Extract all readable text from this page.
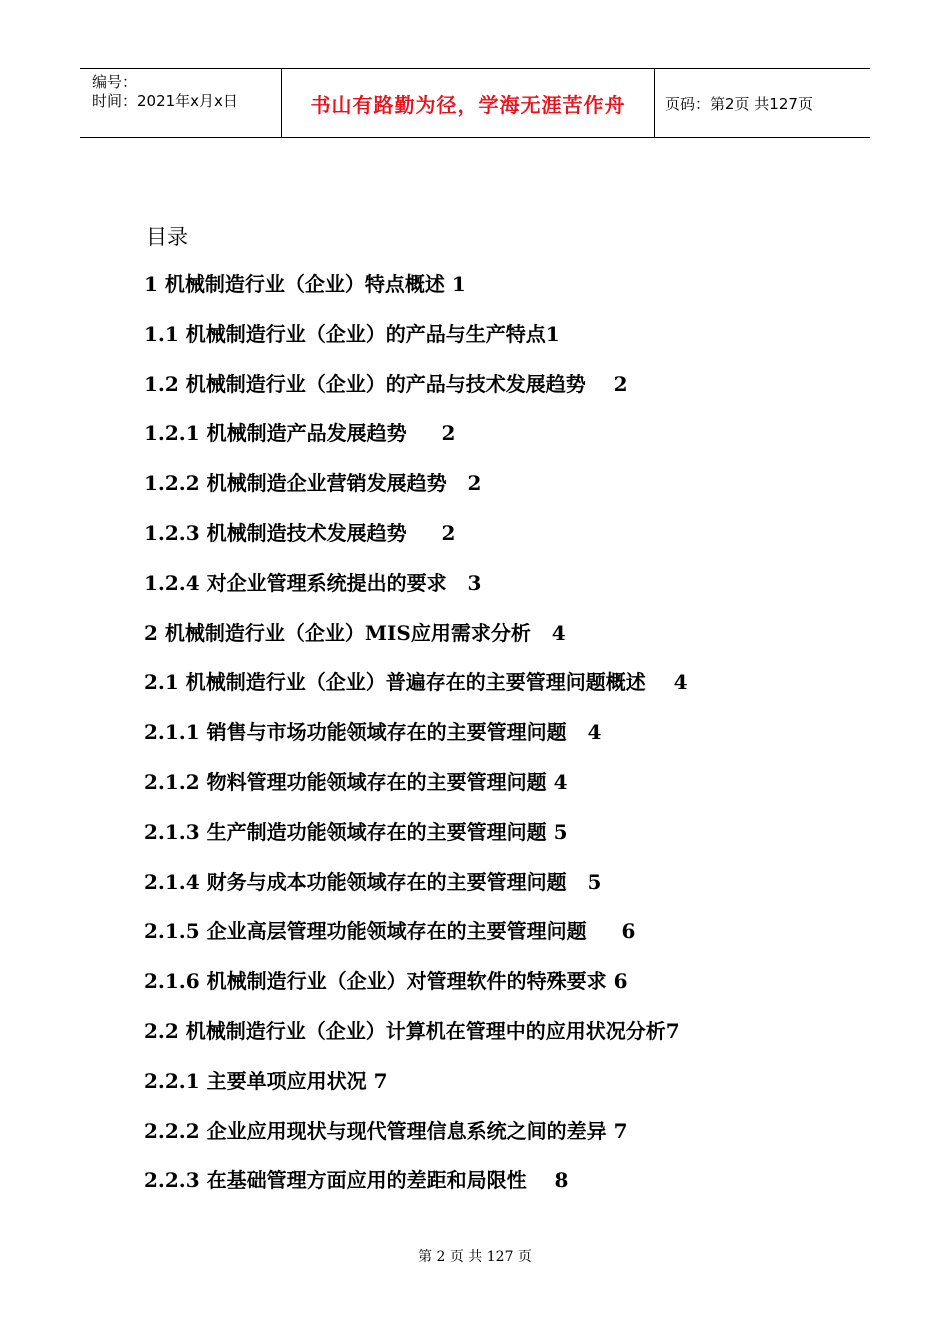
编号：
时间：2021年x月x日	书山有路勤为径，学海无涯苦作舟	页码：第2页 共127页
目录
1 机械制造行业（企业）特点概述 1
1.1 机械制造行业（企业）的产品与生产特点1
1.2 机械制造行业（企业）的产品与技术发展趋势    2
1.2.1 机械制造产品发展趋势     2
1.2.2 机械制造企业营销发展趋势   2
1.2.3 机械制造技术发展趋势     2
1.2.4 对企业管理系统提出的要求   3
2 机械制造行业（企业）MIS应用需求分析   4
2.1 机械制造行业（企业）普遍存在的主要管理问题概述    4
2.1.1 销售与市场功能领域存在的主要管理问题   4
2.1.2 物料管理功能领域存在的主要管理问题 4
2.1.3 生产制造功能领域存在的主要管理问题 5
2.1.4 财务与成本功能领域存在的主要管理问题   5
2.1.5 企业高层管理功能领域存在的主要管理问题     6
2.1.6 机械制造行业（企业）对管理软件的特殊要求 6
2.2 机械制造行业（企业）计算机在管理中的应用状况分析7
2.2.1 主要单项应用状况 7
2.2.2 企业应用现状与现代管理信息系统之间的差异 7
2.2.3 在基础管理方面应用的差距和局限性    8
第 2 页 共 127 页
